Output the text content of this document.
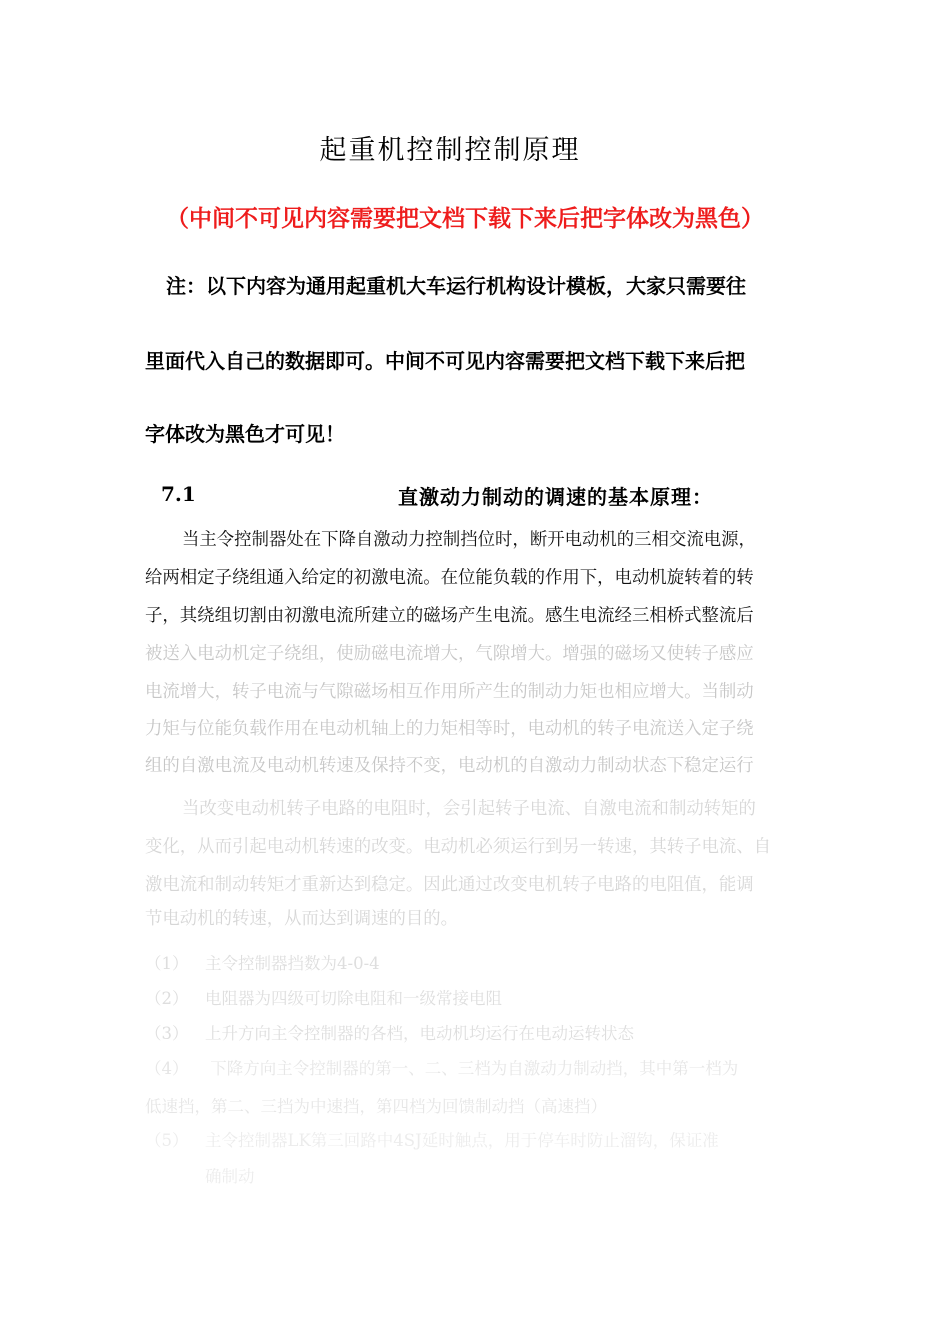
起重机控制控制原理
（中间不可见内容需要把文档下载下来后把字体改为黑色）
注：以下内容为通用起重机大车运行机构设计模板，大家只需要往
里面代入自己的数据即可。中间不可见内容需要把文档下载下来后把
字体改为黑色才可见！
7.1	直激动力制动的调速的基本原理：
当主令控制器处在下降自激动力控制挡位时，断开电动机的三相交流电源，
给两相定子绕组通入给定的初激电流。在位能负载的作用下，电动机旋转着的转
子，其绕组切割由初激电流所建立的磁场产生电流。感生电流经三相桥式整流后
被送入电动机定子绕组，使励磁电流增大，气隙增大。增强的磁场又使转子感应
电流增大，转子电流与气隙磁场相互作用所产生的制动力矩也相应增大。当制动
力矩与位能负载作用在电动机轴上的力矩相等时，电动机的转子电流送入定子绕
组的自激电流及电动机转速及保持不变，电动机的自激动力制动状态下稳定运行
当改变电动机转子电路的电阻时，会引起转子电流、自激电流和制动转矩的
变化，从而引起电动机转速的改变。电动机必须运行到另一转速，其转子电流、自
激电流和制动转矩才重新达到稳定。因此通过改变电机转子电路的电阻值，能调
节电动机的转速，从而达到调速的目的。
（1） 主令控制器挡数为4-0-4
（2） 电阻器为四级可切除电阻和一级常接电阻
（3） 上升方向主令控制器的各档，电动机均运行在电动运转状态
（4） 下降方向主令控制器的第一、二、三档为自激动力制动挡，其中第一档为
低速挡，第二、三挡为中速挡，第四档为回馈制动挡（高速挡）
（5） 主令控制器LK第三回路中4SJ延时触点，用于停车时防止溜钩，保证准
确制动
